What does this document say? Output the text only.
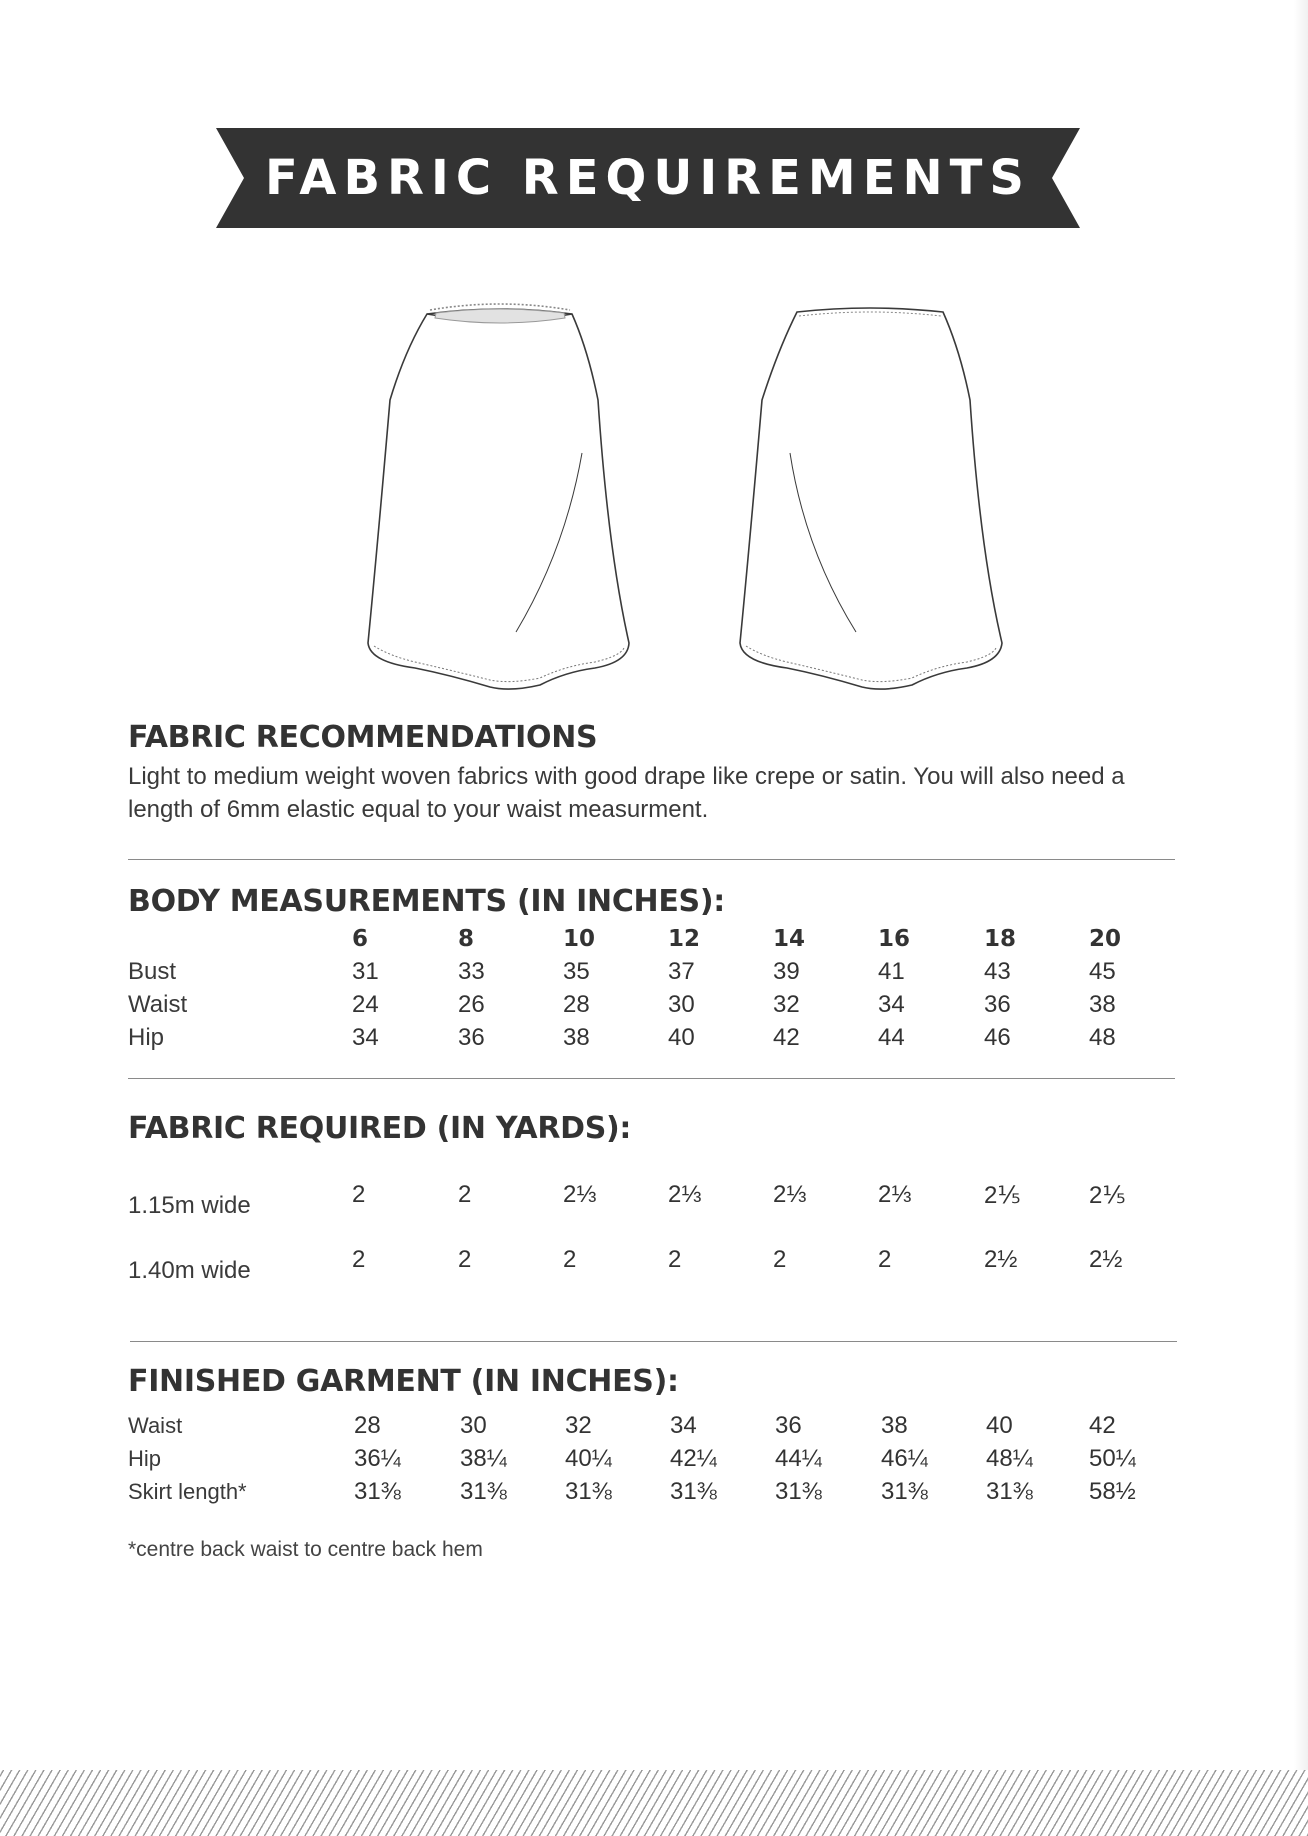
FABRIC REQUIREMENTS
FABRIC RECOMMENDATIONS
Light to medium weight woven fabrics with good drape like crepe or satin. You will also need a length of 6mm elastic equal to your waist measurment.
BODY MEASUREMENTS (IN INCHES):
6	8	10	12	14	16	18	20
Bust	31	33	35	37	39	41	43	45
Waist	24	26	28	30	32	34	36	38
Hip	34	36	38	40	42	44	46	48
FABRIC REQUIRED (IN YARDS):
1.15m wide	2	2	2⅓	2⅓	2⅓	2⅓	2⅕	2⅕
1.40m wide	2	2	2	2	2	2	2½	2½
FINISHED GARMENT (IN INCHES):
Waist	28	30	32	34	36	38	40	42
Hip	36¼ 38¼ 40¼ 42¼ 44¼ 46¼ 48¼ 50¼
Skirt length*	31⅜ 31⅜ 31⅜ 31⅜ 31⅜ 31⅜ 31⅜ 58½
*centre back waist to centre back hem
